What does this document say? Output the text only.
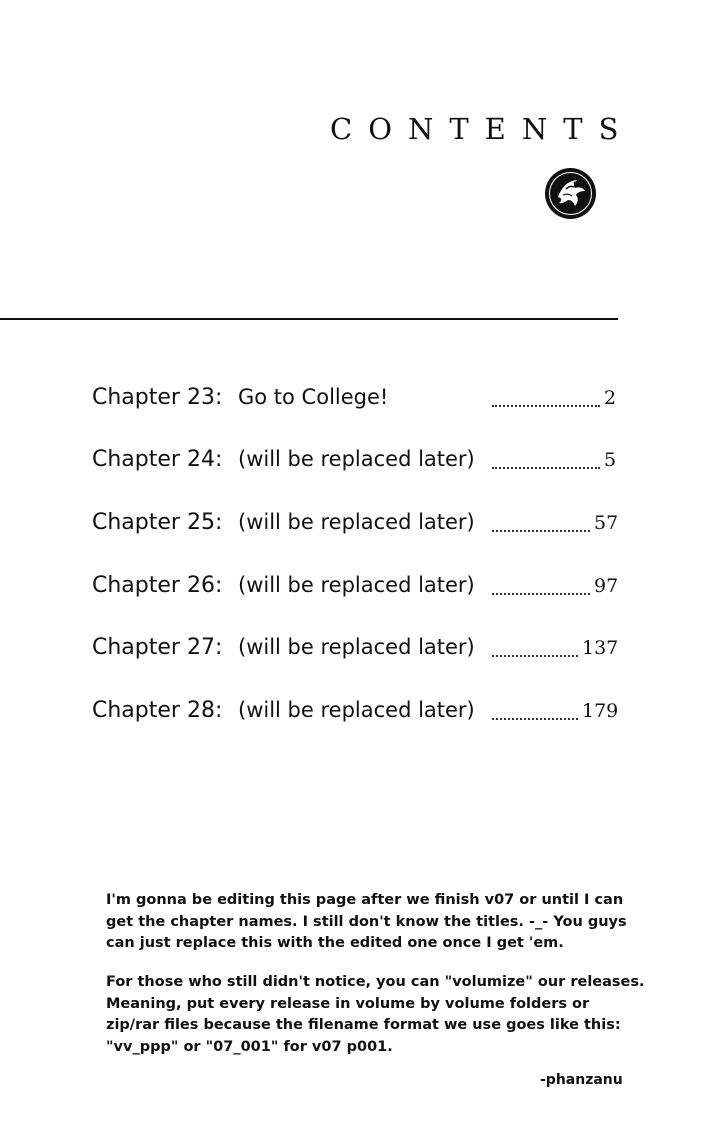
CONTENTS
Chapter 23: Go to College!	2
Chapter 24: (will be replaced later)	5
Chapter 25: (will be replaced later)	57
Chapter 26: (will be replaced later)	97
Chapter 27: (will be replaced later)	137
Chapter 28: (will be replaced later)	179

I'm gonna be editing this page after we finish v07 or until I can get the chapter names. I still don't know the titles. -_- You guys can just replace this with the edited one once I get 'em.

For those who still didn't notice, you can "volumize" our releases. Meaning, put every release in volume by volume folders or zip/rar files because the filename format we use goes like this: "vv_ppp" or "07_001" for v07 p001.

-phanzanu
